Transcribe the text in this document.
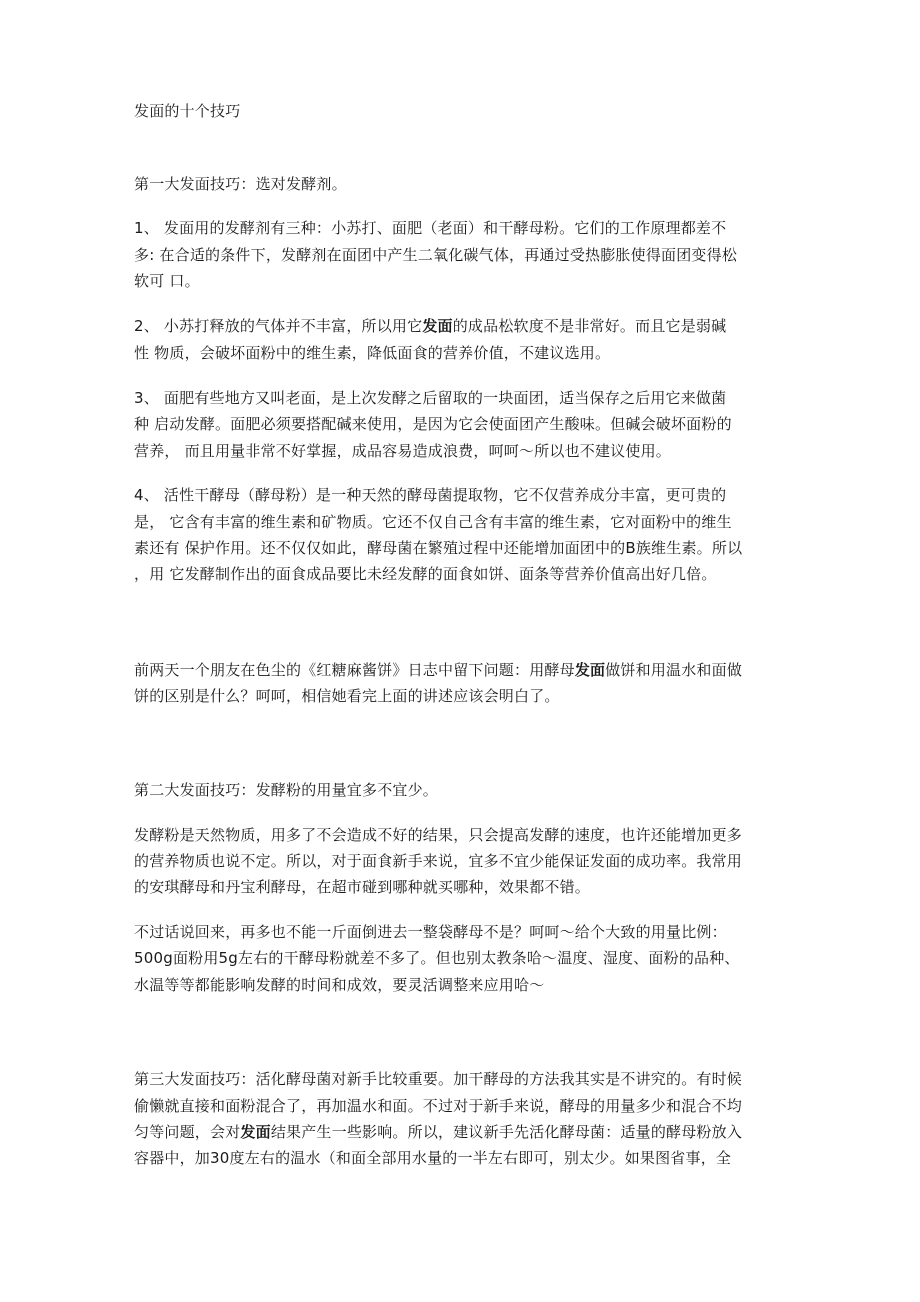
发面的十个技巧
第一大发面技巧：选对发酵剂。
1、 发面用的发酵剂有三种：小苏打、面肥（老面）和干酵母粉。它们的工作原理都差不
多: 在合适的条件下，发酵剂在面团中产生二氧化碳气体，再通过受热膨胀使得面团变得松
软可 口。
2、 小苏打释放的气体并不丰富，所以用它发面的成品松软度不是非常好。而且它是弱碱
性 物质，会破坏面粉中的维生素，降低面食的营养价值，不建议选用。
3、 面肥有些地方又叫老面，是上次发酵之后留取的一块面团，适当保存之后用它来做菌
种 启动发酵。面肥必须要搭配碱来使用，是因为它会使面团产生酸味。但碱会破坏面粉的
营养， 而且用量非常不好掌握，成品容易造成浪费，呵呵～所以也不建议使用。
4、 活性干酵母（酵母粉）是一种天然的酵母菌提取物，它不仅营养成分丰富，更可贵的
是， 它含有丰富的维生素和矿物质。它还不仅自己含有丰富的维生素，它对面粉中的维生
素还有 保护作用。还不仅仅如此，酵母菌在繁殖过程中还能增加面团中的B族维生素。所以
，用 它发酵制作出的面食成品要比未经发酵的面食如饼、面条等营养价值高出好几倍。
前两天一个朋友在色尘的《红糖麻酱饼》日志中留下问题：用酵母发面做饼和用温水和面做
饼的区别是什么？呵呵，相信她看完上面的讲述应该会明白了。
第二大发面技巧：发酵粉的用量宜多不宜少。
发酵粉是天然物质，用多了不会造成不好的结果，只会提高发酵的速度，也许还能增加更多
的营养物质也说不定。所以，对于面食新手来说，宜多不宜少能保证发面的成功率。我常用
的安琪酵母和丹宝利酵母，在超市碰到哪种就买哪种，效果都不错。
不过话说回来，再多也不能一斤面倒进去一整袋酵母不是？呵呵～给个大致的用量比例：
500g面粉用5g左右的干酵母粉就差不多了。但也别太教条哈～温度、湿度、面粉的品种、
水温等等都能影响发酵的时间和成效，要灵活调整来应用哈～
第三大发面技巧：活化酵母菌对新手比较重要。加干酵母的方法我其实是不讲究的。有时候
偷懒就直接和面粉混合了，再加温水和面。不过对于新手来说，酵母的用量多少和混合不均
匀等问题，会对发面结果产生一些影响。所以，建议新手先活化酵母菌：适量的酵母粉放入
容器中，加30度左右的温水（和面全部用水量的一半左右即可，别太少。如果图省事，全
